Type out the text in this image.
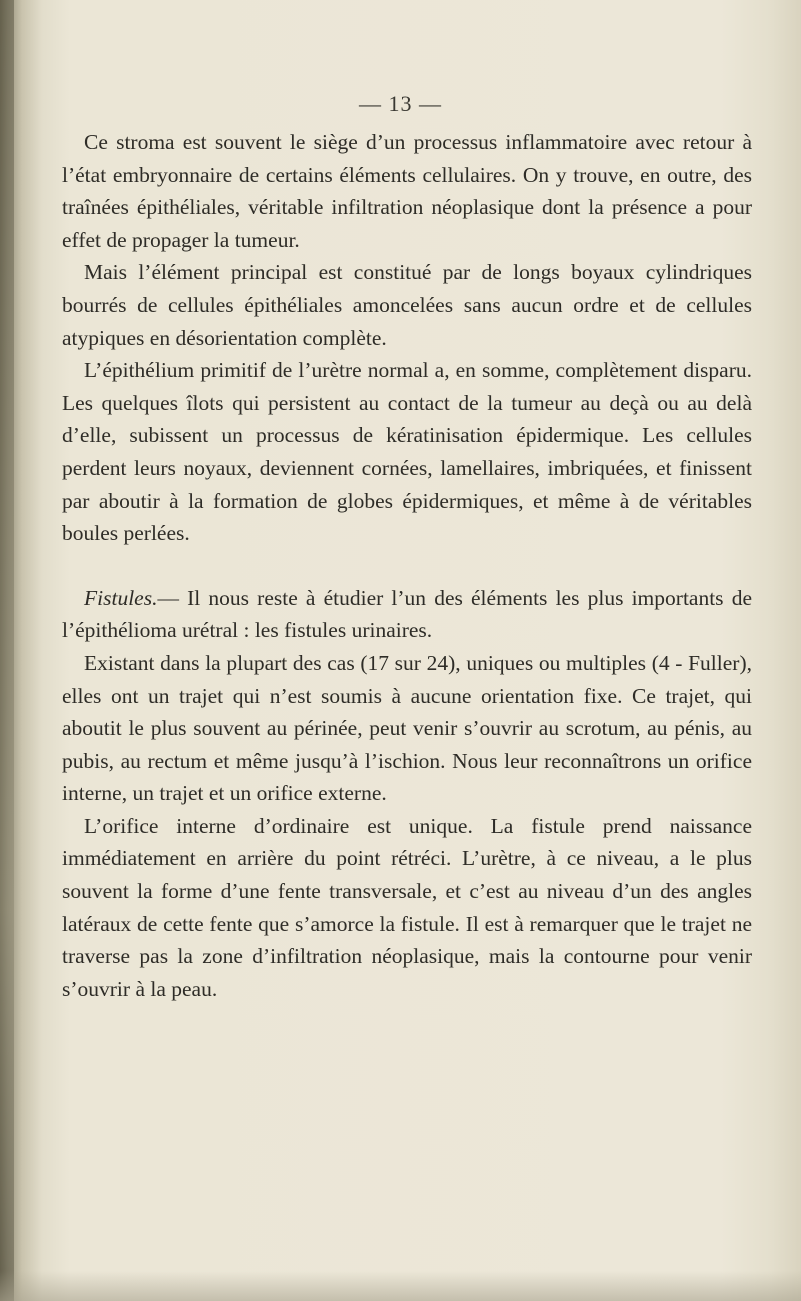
— 13 —

Ce stroma est souvent le siège d’un processus inflammatoire avec retour à l’état embryonnaire de certains éléments cellulaires. On y trouve, en outre, des traînées épithéliales, véritable infiltration néoplasique dont la présence a pour effet de propager la tumeur.

Mais l’élément principal est constitué par de longs boyaux cylindriques bourrés de cellules épithéliales amoncelées sans aucun ordre et de cellules atypiques en désorientation complète.

L’épithélium primitif de l’urètre normal a, en somme, complètement disparu. Les quelques îlots qui persistent au contact de la tumeur au deçà ou au delà d’elle, subissent un processus de kératinisation épidermique. Les cellules perdent leurs noyaux, deviennent cornées, lamellaires, imbriquées, et finissent par aboutir à la formation de globes épidermiques, et même à de véritables boules perlées.

Fistules.— Il nous reste à étudier l’un des éléments les plus importants de l’épithélioma urétral : les fistules urinaires.

Existant dans la plupart des cas (17 sur 24), uniques ou multiples (4 - Fuller), elles ont un trajet qui n’est soumis à aucune orientation fixe. Ce trajet, qui aboutit le plus souvent au périnée, peut venir s’ouvrir au scrotum, au pénis, au pubis, au rectum et même jusqu’à l’ischion. Nous leur reconnaîtrons un orifice interne, un trajet et un orifice externe.

L’orifice interne d’ordinaire est unique. La fistule prend naissance immédiatement en arrière du point rétréci. L’urètre, à ce niveau, a le plus souvent la forme d’une fente transversale, et c’est au niveau d’un des angles latéraux de cette fente que s’amorce la fistule. Il est à remarquer que le trajet ne traverse pas la zone d’infiltration néoplasique, mais la contourne pour venir s’ouvrir à la peau.
